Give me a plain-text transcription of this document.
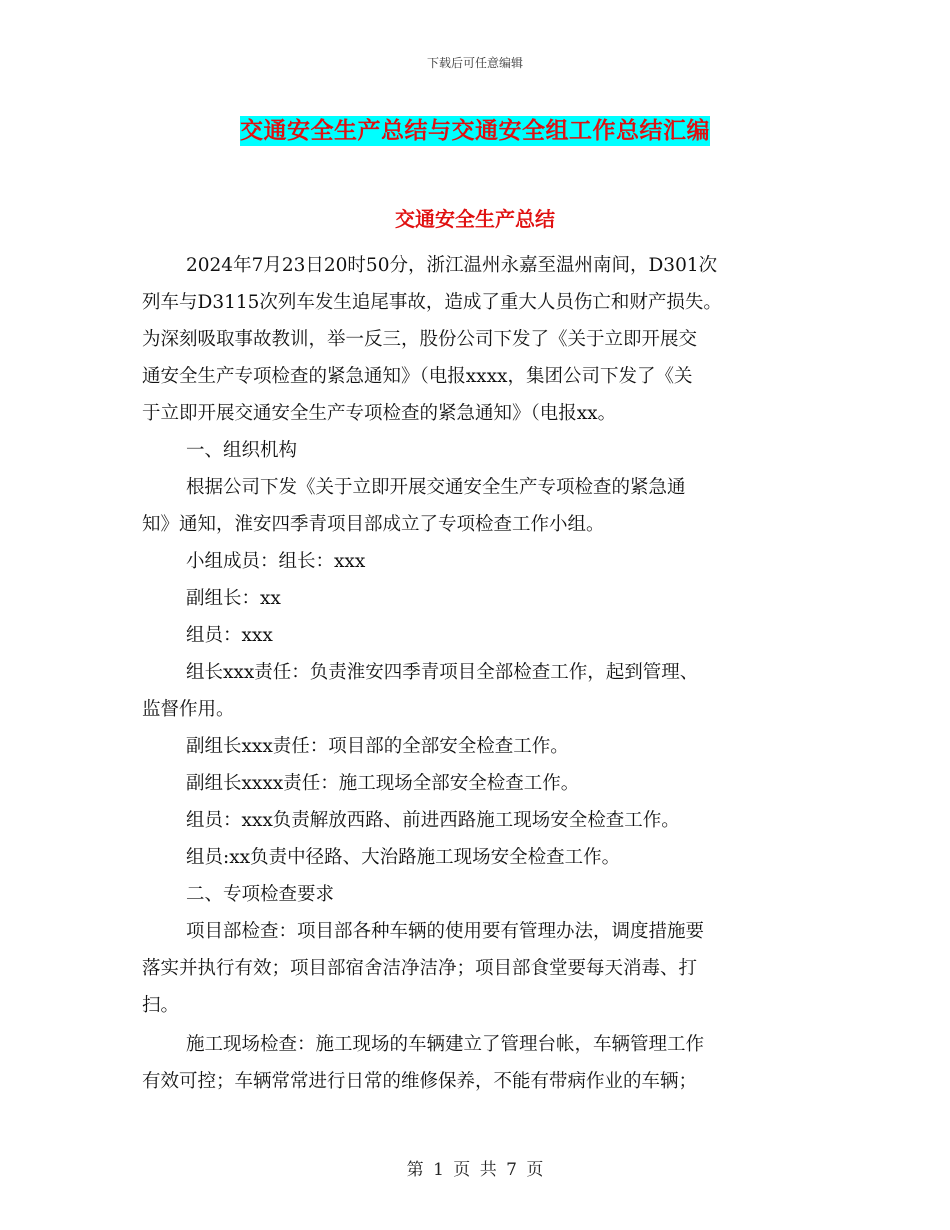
下载后可任意编辑
交通安全生产总结与交通安全组工作总结汇编
交通安全生产总结
2024年7月23日20时50分，浙江温州永嘉至温州南间，D301次
列车与D3115次列车发生追尾事故，造成了重大人员伤亡和财产损失。
为深刻吸取事故教训，举一反三，股份公司下发了《关于立即开展交
通安全生产专项检查的紧急通知》（电报xxxx，集团公司下发了《关
于立即开展交通安全生产专项检查的紧急通知》（电报xx。
一、组织机构
根据公司下发《关于立即开展交通安全生产专项检查的紧急通
知》通知，淮安四季青项目部成立了专项检查工作小组。
小组成员：组长：xxx
副组长：xx
组员：xxx
组长xxx责任：负责淮安四季青项目全部检查工作，起到管理、
监督作用。
副组长xxx责任：项目部的全部安全检查工作。
副组长xxxx责任：施工现场全部安全检查工作。
组员：xxx负责解放西路、前进西路施工现场安全检查工作。
组员:xx负责中径路、大治路施工现场安全检查工作。
二、专项检查要求
项目部检查：项目部各种车辆的使用要有管理办法，调度措施要
落实并执行有效；项目部宿舍洁净洁净；项目部食堂要每天消毒、打
扫。
施工现场检查：施工现场的车辆建立了管理台帐，车辆管理工作
有效可控；车辆常常进行日常的维修保养，不能有带病作业的车辆；
第 1 页 共 7 页
